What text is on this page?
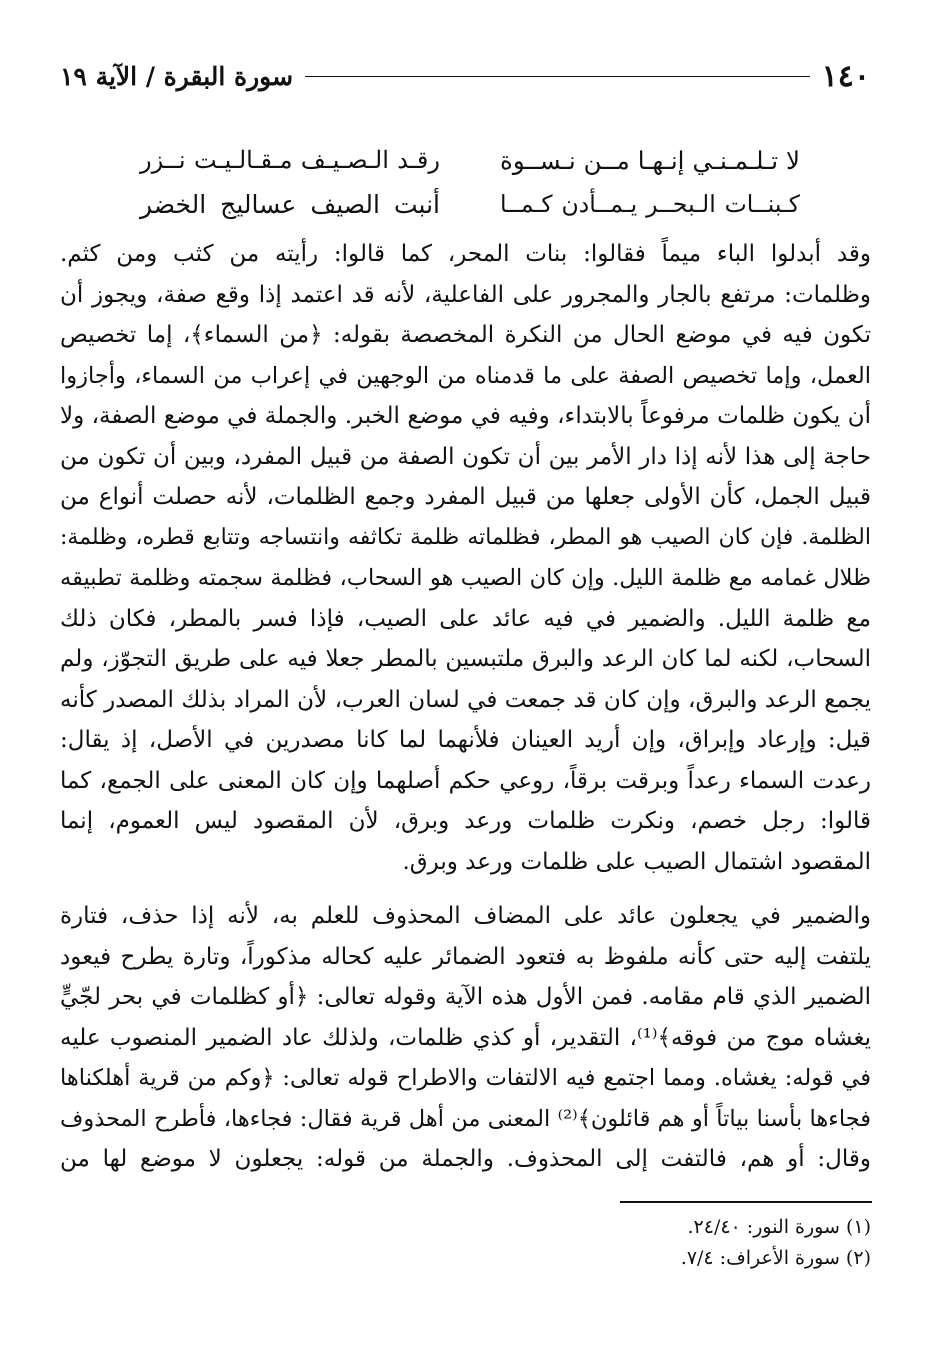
١٤٠
سورة البقرة / الآية ١٩
لا تـلـمـنـي إنـهـا مــن نـســوة
رقـد الـصـيـف مـقـالـيـت نــزر
كـبنــات الـبحــر يـمــأدن كـمــا
أنبت الصيف عساليج الخضر
وقد أبدلوا الباء ميماً فقالوا: بنات المحر، كما قالوا: رأيته من كثب ومن كثم.
وظلمات: مرتفع بالجار والمجرور على الفاعلية، لأنه قد اعتمد إذا وقع صفة، ويجوز أن
تكون فيه في موضع الحال من النكرة المخصصة بقوله: ﴿من السماء﴾، إما تخصيص
العمل، وإما تخصيص الصفة على ما قدمناه من الوجهين في إعراب من السماء، وأجازوا
أن يكون ظلمات مرفوعاً بالابتداء، وفيه في موضع الخبر. والجملة في موضع الصفة، ولا
حاجة إلى هذا لأنه إذا دار الأمر بين أن تكون الصفة من قبيل المفرد، وبين أن تكون من
قبيل الجمل، كأن الأولى جعلها من قبيل المفرد وجمع الظلمات، لأنه حصلت أنواع من
الظلمة. فإن كان الصيب هو المطر، فظلماته ظلمة تكاثفه وانتساجه وتتابع قطره، وظلمة:
ظلال غمامه مع ظلمة الليل. وإن كان الصيب هو السحاب، فظلمة سجمته وظلمة تطبيقه
مع ظلمة الليل. والضمير في فيه عائد على الصيب، فإذا فسر بالمطر، فكان ذلك
السحاب، لكنه لما كان الرعد والبرق ملتبسين بالمطر جعلا فيه على طريق التجوّز، ولم
يجمع الرعد والبرق، وإن كان قد جمعت في لسان العرب، لأن المراد بذلك المصدر كأنه
قيل: وإرعاد وإبراق، وإن أريد العينان فلأنهما لما كانا مصدرين في الأصل، إذ يقال:
رعدت السماء رعداً وبرقت برقاً، روعي حكم أصلهما وإن كان المعنى على الجمع، كما
قالوا: رجل خصم، ونكرت ظلمات ورعد وبرق، لأن المقصود ليس العموم، إنما
المقصود اشتمال الصيب على ظلمات ورعد وبرق.
والضمير في يجعلون عائد على المضاف المحذوف للعلم به، لأنه إذا حذف، فتارة
يلتفت إليه حتى كأنه ملفوظ به فتعود الضمائر عليه كحاله مذكوراً، وتارة يطرح فيعود
الضمير الذي قام مقامه. فمن الأول هذه الآية وقوله تعالى: ﴿أو كظلمات في بحر لجّيٍّ
يغشاه موج من فوقه﴾⁽¹⁾، التقدير، أو كذي ظلمات، ولذلك عاد الضمير المنصوب عليه
في قوله: يغشاه. ومما اجتمع فيه الالتفات والاطراح قوله تعالى: ﴿وكم من قرية أهلكناها
فجاءها بأسنا بياتاً أو هم قائلون﴾⁽²⁾ المعنى من أهل قرية فقال: فجاءها، فأطرح المحذوف
وقال: أو هم، فالتفت إلى المحذوف. والجملة من قوله: يجعلون لا موضع لها من
(١) سورة النور: ٢٤/٤٠.
(٢) سورة الأعراف: ٧/٤.
